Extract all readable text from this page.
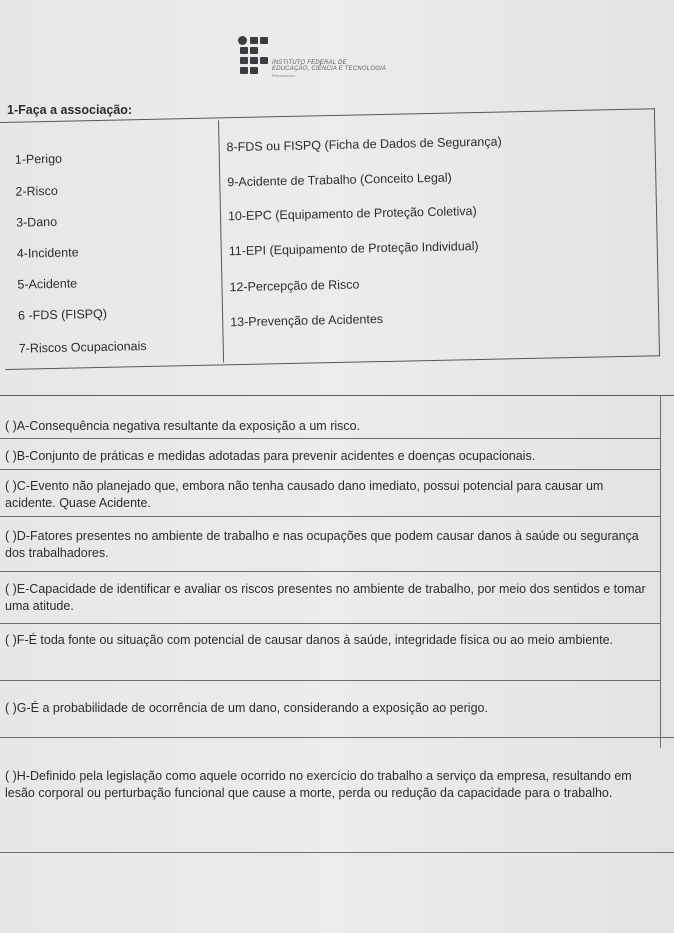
INSTITUTO FEDERAL DE
EDUCAÇÃO, CIÊNCIA E TECNOLOGIA
Pernambuco
1-Faça a associação:
1-Perigo
2-Risco
3-Dano
4-Incidente
5-Acidente
6 -FDS (FISPQ)
7-Riscos Ocupacionais
8-FDS ou FISPQ (Ficha de Dados de Segurança)
9-Acidente de Trabalho (Conceito Legal)
10-EPC (Equipamento de Proteção Coletiva)
11-EPI (Equipamento de Proteção Individual)
12-Percepção de Risco
13-Prevenção de Acidentes
( )A-Consequência negativa resultante da exposição a um risco.
( )B-Conjunto de práticas e medidas adotadas para prevenir acidentes e doenças ocupacionais.
( )C-Evento não planejado que, embora não tenha causado dano imediato, possui potencial para causar um acidente. Quase Acidente.
( )D-Fatores presentes no ambiente de trabalho e nas ocupações que podem causar danos à saúde ou segurança dos trabalhadores.
( )E-Capacidade de identificar e avaliar os riscos presentes no ambiente de trabalho, por meio dos sentidos e tomar uma atitude.
( )F-É toda fonte ou situação com potencial de causar danos à saúde, integridade física ou ao meio ambiente.
( )G-É a probabilidade de ocorrência de um dano, considerando a exposição ao perigo.
( )H-Definido pela legislação como aquele ocorrido no exercício do trabalho a serviço da empresa, resultando em lesão corporal ou perturbação funcional que cause a morte, perda ou redução da capacidade para o trabalho.
